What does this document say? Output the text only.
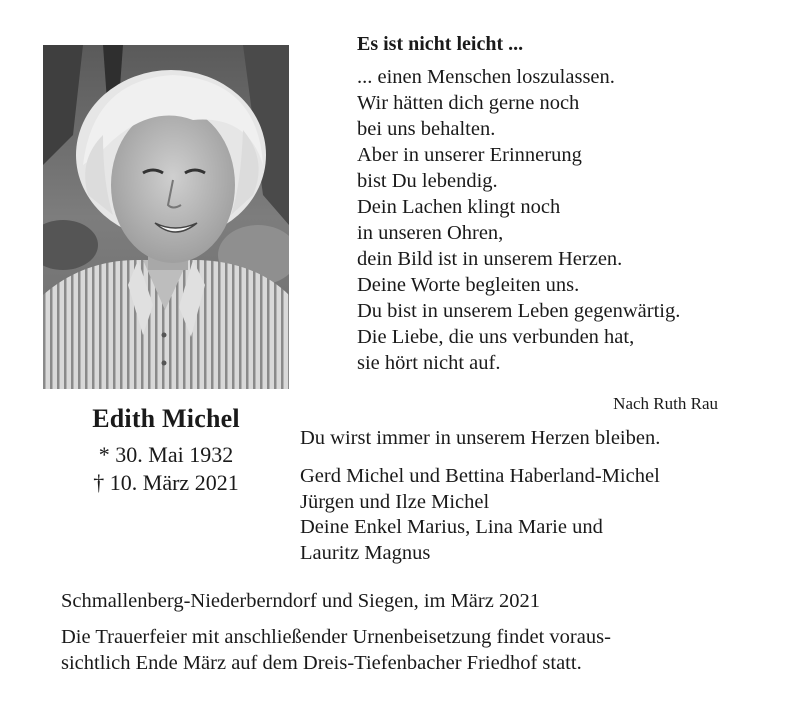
Edith Michel
* 30. Mai 1932
† 10. März 2021
Es ist nicht leicht ...
... einen Menschen loszulassen.
Wir hätten dich gerne noch
bei uns behalten.
Aber in unserer Erinnerung
bist Du lebendig.
Dein Lachen klingt noch
in unseren Ohren,
dein Bild ist in unserem Herzen.
Deine Worte begleiten uns.
Du bist in unserem Leben gegenwärtig.
Die Liebe, die uns verbunden hat,
sie hört nicht auf.
Nach Ruth Rau
Du wirst immer in unserem Herzen bleiben.
Gerd Michel und Bettina Haberland-Michel
Jürgen und Ilze Michel
Deine Enkel Marius, Lina Marie und
Lauritz Magnus
Schmallenberg-Niederberndorf und Siegen, im März 2021
Die Trauerfeier mit anschließender Urnenbeisetzung findet voraus-
sichtlich Ende März auf dem Dreis-Tiefenbacher Friedhof statt.
